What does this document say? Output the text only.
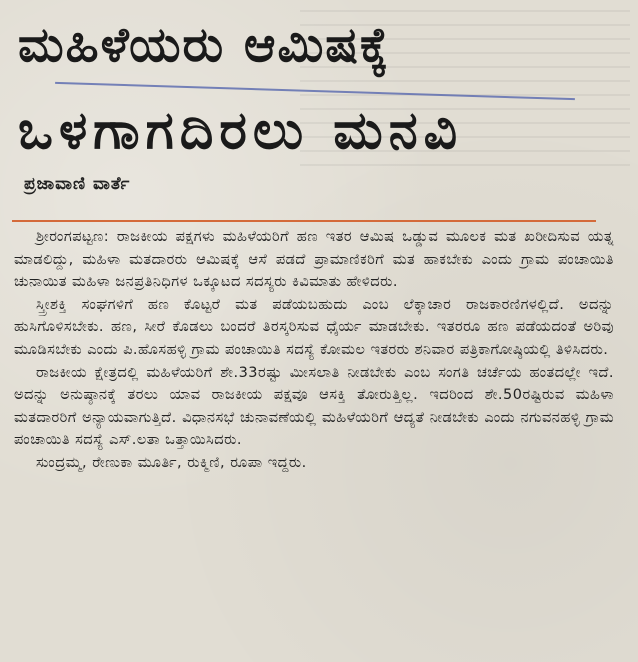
ಮಹಿಳೆಯರು ಆಮಿಷಕ್ಕೆ
ಒಳಗಾಗದಿರಲು ಮನವಿ
ಪ್ರಜಾವಾಣಿ ವಾರ್ತೆ

ಶ್ರೀರಂಗಪಟ್ಟಣ: ರಾಜಕೀಯ ಪಕ್ಷಗಳು ಮಹಿಳೆಯರಿಗೆ ಹಣ ಇತರ ಆಮಿಷ ಒಡ್ಡುವ ಮೂಲಕ ಮತ ಖರೀದಿಸುವ ಯತ್ನ ಮಾಡಲಿದ್ದು, ಮಹಿಳಾ ಮತದಾರರು ಆಮಿಷಕ್ಕೆ ಆಸೆ ಪಡದೆ ಪ್ರಾಮಾಣಿಕರಿಗೆ ಮತ ಹಾಕಬೇಕು ಎಂದು ಗ್ರಾಮ ಪಂಚಾಯಿತಿ ಚುನಾಯಿತ ಮಹಿಳಾ ಜನಪ್ರತಿನಿಧಿಗಳ ಒಕ್ಕೂಟದ ಸದಸ್ಯರು ಕಿವಿಮಾತು ಹೇಳಿದರು.

ಸ್ತ್ರೀಶಕ್ತಿ ಸಂಘಗಳಿಗೆ ಹಣ ಕೊಟ್ಟರೆ ಮತ ಪಡೆಯಬಹುದು ಎಂಬ ಲೆಕ್ಕಾಚಾರ ರಾಜಕಾರಣಿಗಳಲ್ಲಿದೆ. ಅದನ್ನು ಹುಸಿಗೊಳಿಸಬೇಕು. ಹಣ, ಸೀರೆ ಕೊಡಲು ಬಂದರೆ ತಿರಸ್ಕರಿಸುವ ಧೈರ್ಯ ಮಾಡಬೇಕು. ಇತರರೂ ಹಣ ಪಡೆಯದಂತೆ ಅರಿವು ಮೂಡಿಸಬೇಕು ಎಂದು ಪಿ.ಹೊಸಹಳ್ಳಿ ಗ್ರಾಮ ಪಂಚಾಯಿತಿ ಸದಸ್ಯೆ ಕೋಮಲ ಇತರರು ಶನಿವಾರ ಪತ್ರಿಕಾಗೋಷ್ಠಿಯಲ್ಲಿ ತಿಳಿಸಿದರು.

ರಾಜಕೀಯ ಕ್ಷೇತ್ರದಲ್ಲಿ ಮಹಿಳೆಯರಿಗೆ ಶೇ.33ರಷ್ಟು ಮೀಸಲಾತಿ ನೀಡಬೇಕು ಎಂಬ ಸಂಗತಿ ಚರ್ಚೆಯ ಹಂತದಲ್ಲೇ ಇದೆ. ಅದನ್ನು ಅನುಷ್ಠಾನಕ್ಕೆ ತರಲು ಯಾವ ರಾಜಕೀಯ ಪಕ್ಷವೂ ಆಸಕ್ತಿ ತೋರುತ್ತಿಲ್ಲ. ಇದರಿಂದ ಶೇ.50ರಷ್ಟಿರುವ ಮಹಿಳಾ ಮತದಾರರಿಗೆ ಅನ್ಯಾಯವಾಗುತ್ತಿದೆ. ವಿಧಾನಸಭೆ ಚುನಾವಣೆಯಲ್ಲಿ ಮಹಿಳೆಯರಿಗೆ ಆದ್ಯತೆ ನೀಡಬೇಕು ಎಂದು ನಗುವನಹಳ್ಳಿ ಗ್ರಾಮ ಪಂಚಾಯಿತಿ ಸದಸ್ಯೆ ಎಸ್.ಲತಾ ಒತ್ತಾಯಿಸಿದರು.

ಸುಂದ್ರಮ್ಮ, ರೇಣುಕಾ ಮೂರ್ತಿ, ರುಕ್ಮಿಣಿ, ರೂಪಾ ಇದ್ದರು.
